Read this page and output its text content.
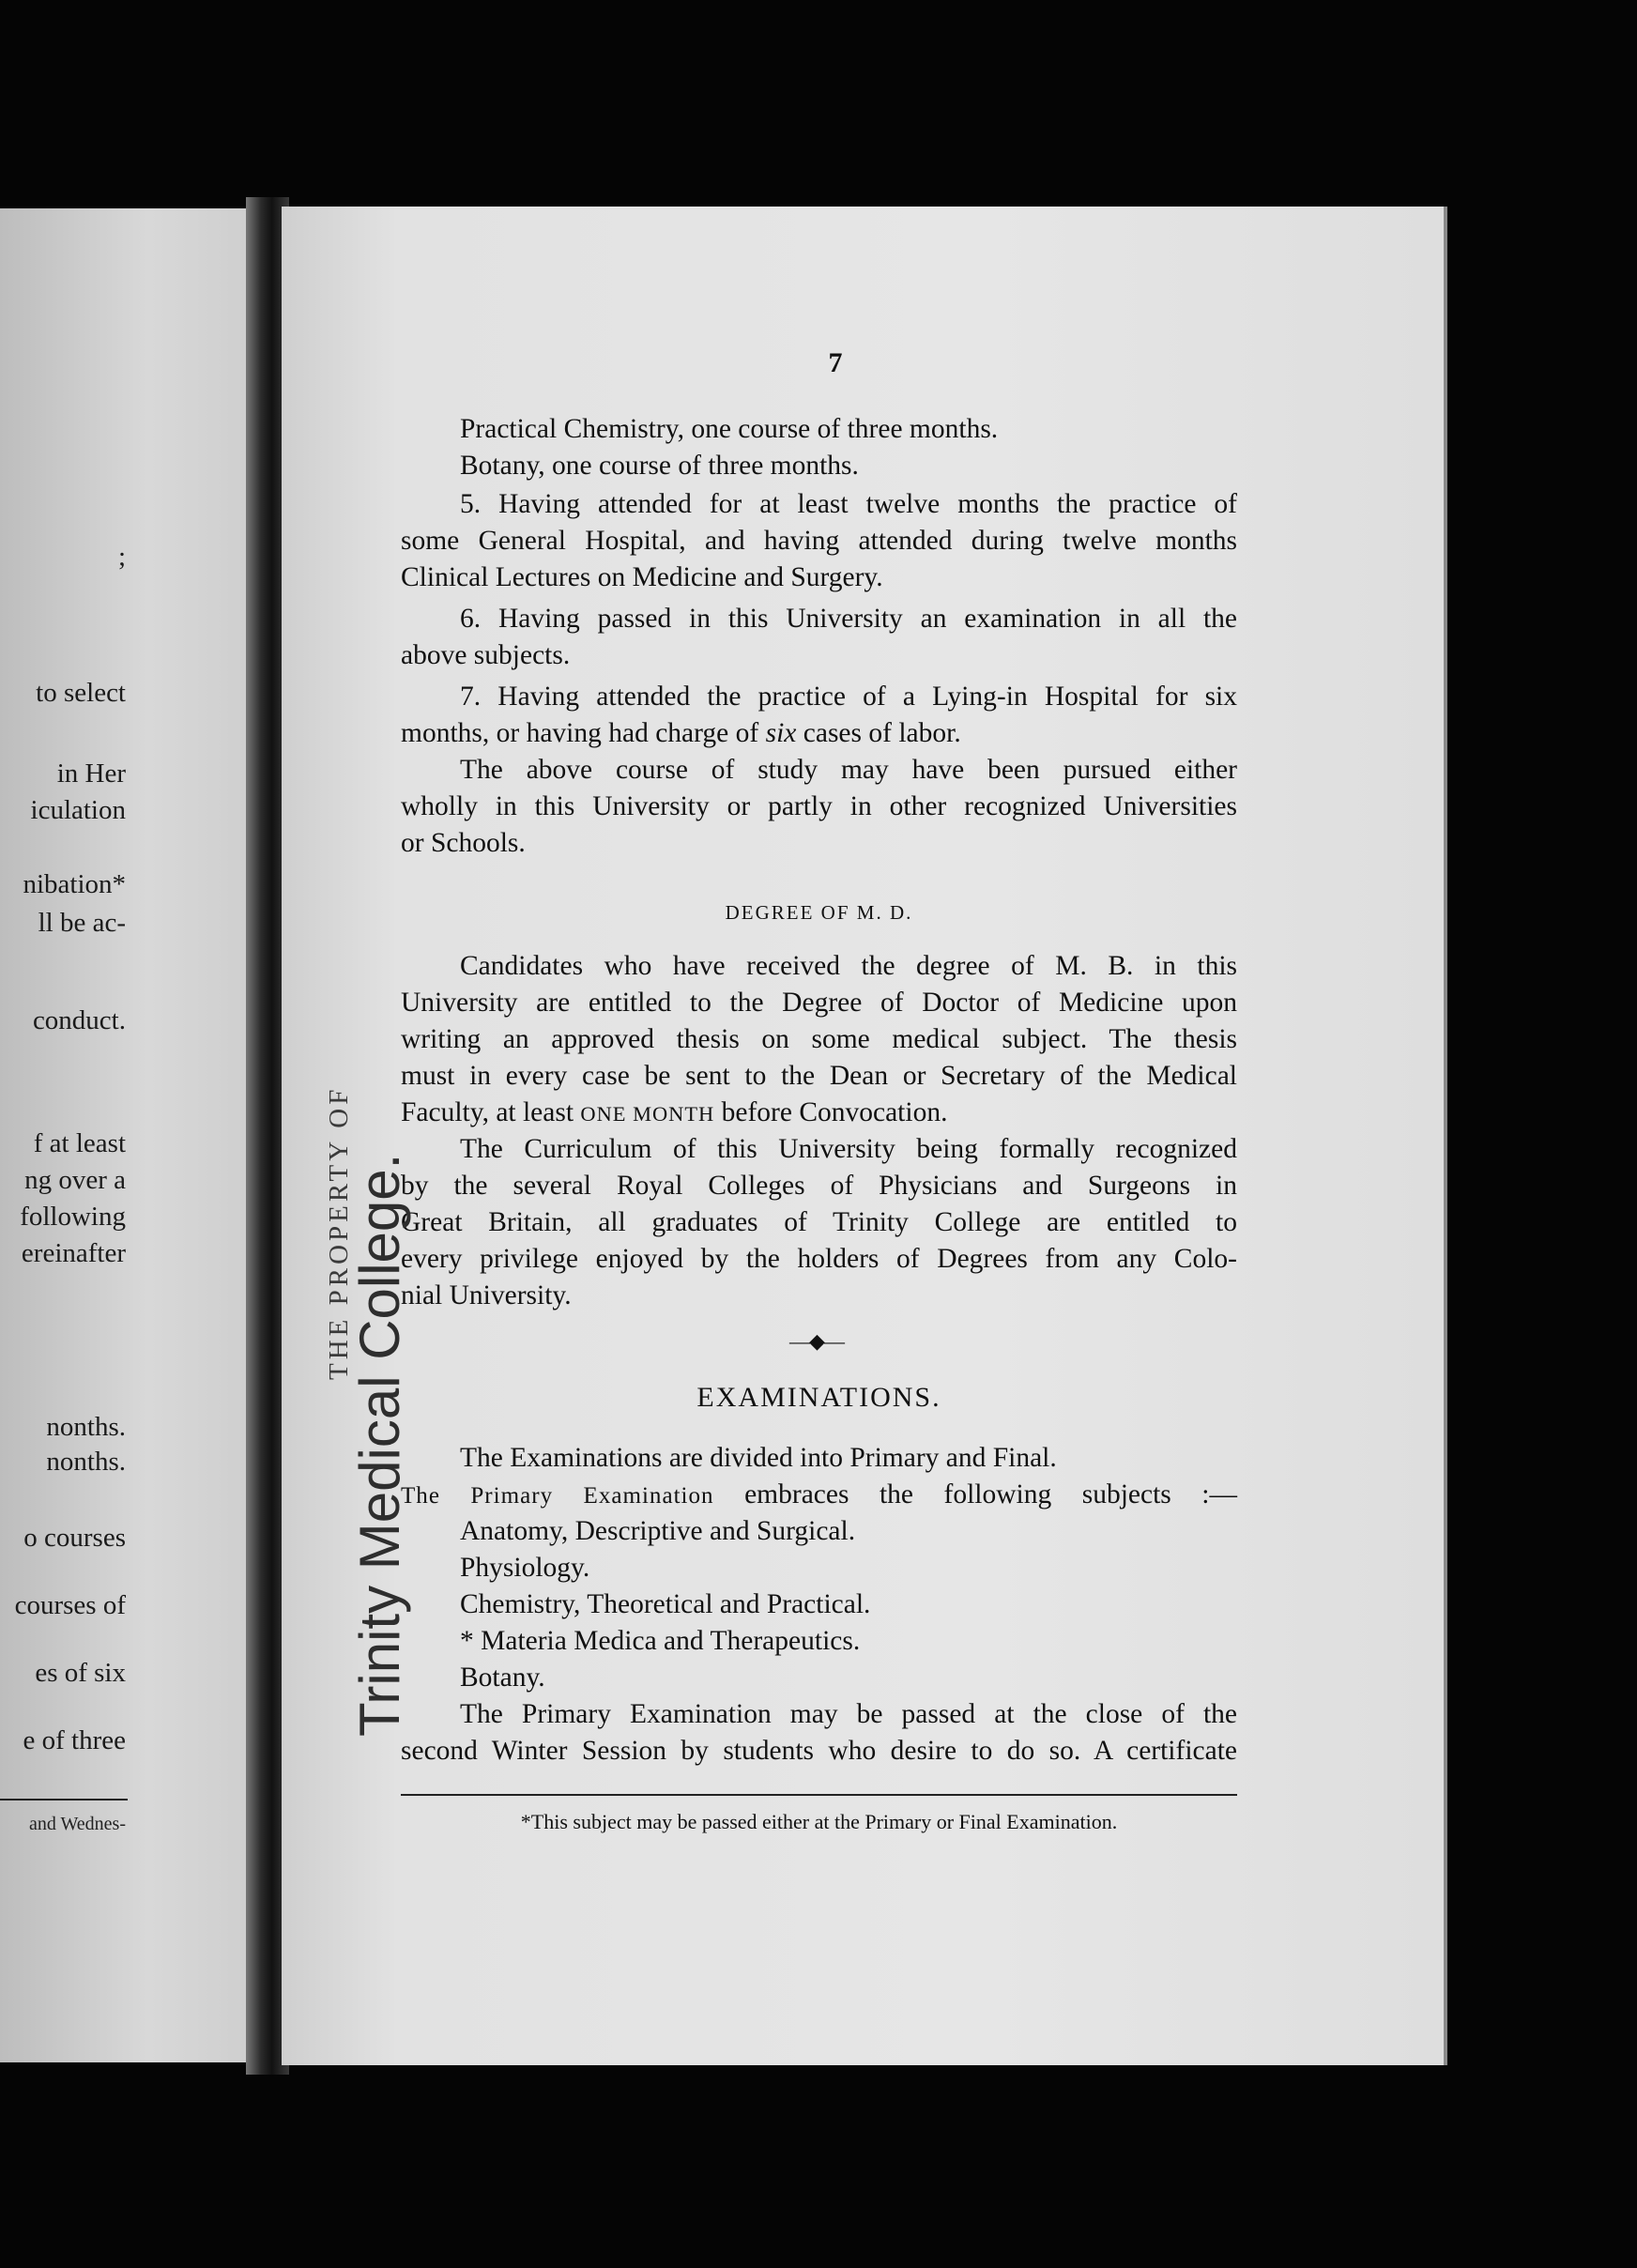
;
to select
in Her
iculation
nibation*
ll be ac-
conduct.
f at least
ng over a
following
ereinafter
nonths.
nonths.
o courses
courses of
es of six
e of three
and Wednes-
7
Practical Chemistry, one course of three months.
Botany, one course of three months.
5. Having attended for at least twelve months the practice of
some General Hospital, and having attended during twelve months
Clinical Lectures on Medicine and Surgery.
6. Having passed in this University an examination in all the
above subjects.
7. Having attended the practice of a Lying-in Hospital for six
months, or having had charge of six cases of labor.
The above course of study may have been pursued either
wholly in this University or partly in other recognized Universities
or Schools.
DEGREE OF M. D.
Candidates who have received the degree of M. B. in this
University are entitled to the Degree of Doctor of Medicine upon
writing an approved thesis on some medical subject. The thesis
must in every case be sent to the Dean or Secretary of the Medical
Faculty, at least ONE MONTH before Convocation.
The Curriculum of this University being formally recognized
by the several Royal Colleges of Physicians and Surgeons in
Great Britain, all graduates of Trinity College are entitled to
every privilege enjoyed by the holders of Degrees from any Colo-
nial University.
—◆—
EXAMINATIONS.
The Examinations are divided into Primary and Final.
The Primary Examination embraces the following subjects :—
Anatomy, Descriptive and Surgical.
Physiology.
Chemistry, Theoretical and Practical.
* Materia Medica and Therapeutics.
Botany.
The Primary Examination may be passed at the close of the
second Winter Session by students who desire to do so. A certificate
*This subject may be passed either at the Primary or Final Examination.
THE PROPERTY OF
Trinity Medical College.
